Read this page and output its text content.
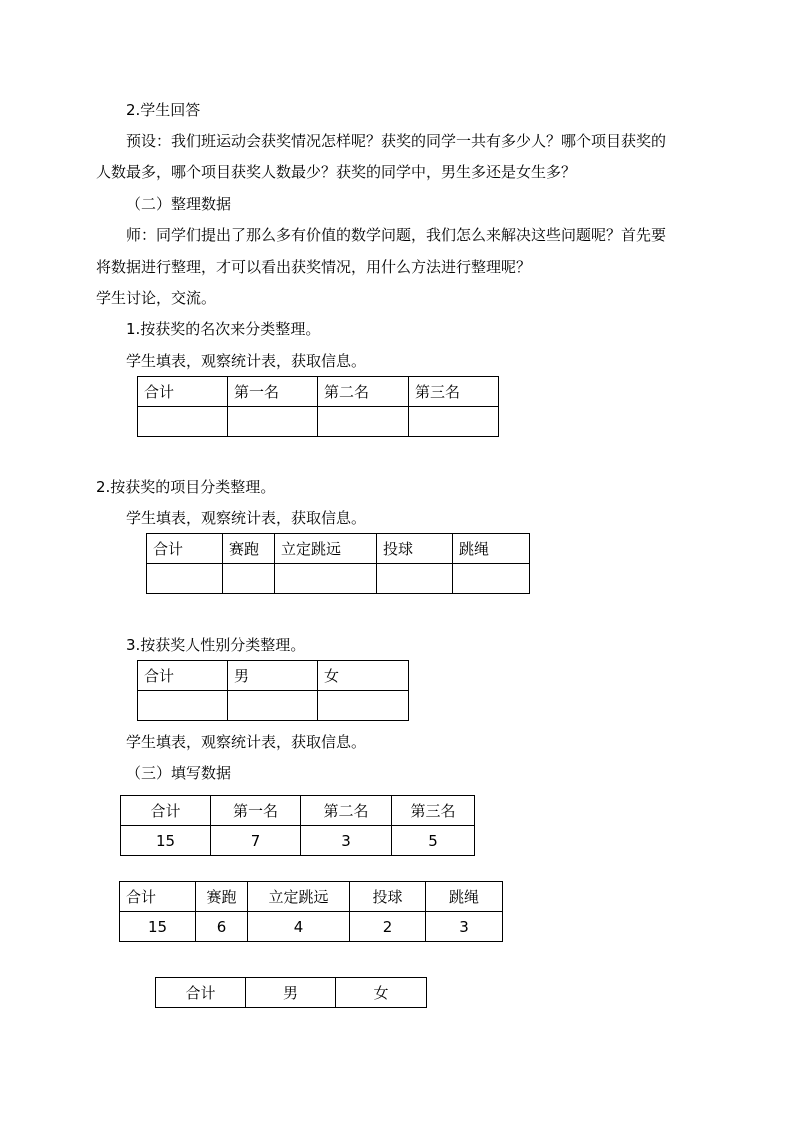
2.学生回答
预设：我们班运动会获奖情况怎样呢？获奖的同学一共有多少人？哪个项目获奖的
人数最多，哪个项目获奖人数最少？获奖的同学中，男生多还是女生多？
（二）整理数据
师：同学们提出了那么多有价值的数学问题，我们怎么来解决这些问题呢？首先要
将数据进行整理，才可以看出获奖情况，用什么方法进行整理呢？
学生讨论，交流。
1.按获奖的名次来分类整理。
学生填表，观察统计表，获取信息。
合计	第一名	第二名	第三名

2.按获奖的项目分类整理。
学生填表，观察统计表，获取信息。
合计	赛跑	立定跳远	投球	跳绳

3.按获奖人性别分类整理。
合计	男	女

学生填表，观察统计表，获取信息。
（三）填写数据
合计	第一名	第二名	第三名
15	7	3	5
合计	赛跑	立定跳远	投球	跳绳
15	6	4	2	3
合计	男	女
